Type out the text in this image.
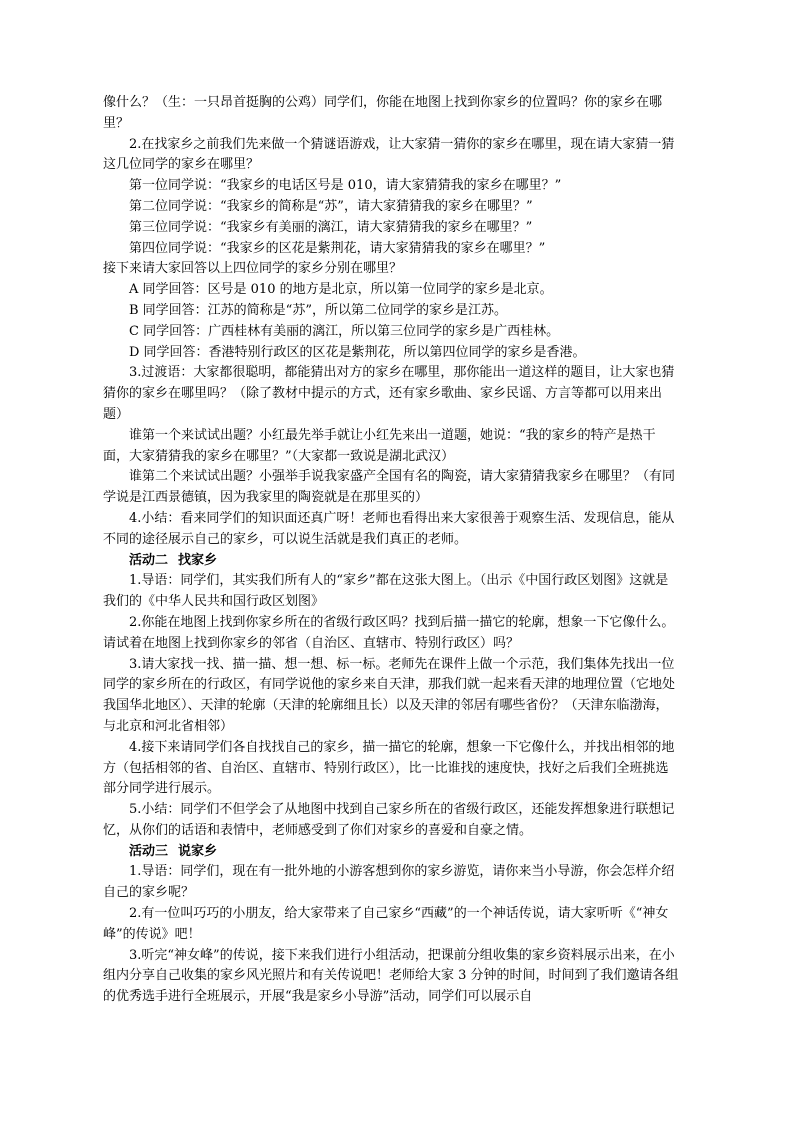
像什么？（生：一只昂首挺胸的公鸡）同学们，你能在地图上找到你家乡的位置吗？你的家乡在哪里？

2.在找家乡之前我们先来做一个猜谜语游戏，让大家猜一猜你的家乡在哪里，现在请大家猜一猜这几位同学的家乡在哪里？

第一位同学说：“我家乡的电话区号是 010，请大家猜猜我的家乡在哪里？”

第二位同学说：“我家乡的简称是“苏”，请大家猜猜我的家乡在哪里？”

第三位同学说：“我家乡有美丽的漓江，请大家猜猜我的家乡在哪里？”

第四位同学说：“我家乡的区花是紫荆花，请大家猜猜我的家乡在哪里？”

接下来请大家回答以上四位同学的家乡分别在哪里？

A 同学回答：区号是 010 的地方是北京，所以第一位同学的家乡是北京。

B 同学回答：江苏的简称是“苏”，所以第二位同学的家乡是江苏。

C 同学回答：广西桂林有美丽的漓江，所以第三位同学的家乡是广西桂林。

D 同学回答：香港特别行政区的区花是紫荆花，所以第四位同学的家乡是香港。

3.过渡语：大家都很聪明，都能猜出对方的家乡在哪里，那你能出一道这样的题目，让大家也猜猜你的家乡在哪里吗？（除了教材中提示的方式，还有家乡歌曲、家乡民谣、方言等都可以用来出题）

谁第一个来试试出题？小红最先举手就让小红先来出一道题，她说：“我的家乡的特产是热干面，大家猜猜我的家乡在哪里？”（大家都一致说是湖北武汉）

谁第二个来试试出题？小强举手说我家盛产全国有名的陶瓷，请大家猜猜我家乡在哪里？（有同学说是江西景德镇，因为我家里的陶瓷就是在那里买的）

4.小结：看来同学们的知识面还真广呀！老师也看得出来大家很善于观察生活、发现信息，能从不同的途径展示自己的家乡，可以说生活就是我们真正的老师。

活动二 找家乡

1.导语：同学们，其实我们所有人的“家乡”都在这张大图上。（出示《中国行政区划图》这就是我们的《中华人民共和国行政区划图》

2.你能在地图上找到你家乡所在的省级行政区吗？找到后描一描它的轮廓，想象一下它像什么。请试着在地图上找到你家乡的邻省（自治区、直辖市、特别行政区）吗？

3.请大家找一找、描一描、想一想、标一标。老师先在课件上做一个示范，我们集体先找出一位同学的家乡所在的行政区，有同学说他的家乡来自天津，那我们就一起来看天津的地理位置（它地处我国华北地区）、天津的轮廓（天津的轮廓细且长）以及天津的邻居有哪些省份？（天津东临渤海，与北京和河北省相邻）

4.接下来请同学们各自找找自己的家乡，描一描它的轮廓，想象一下它像什么，并找出相邻的地方（包括相邻的省、自治区、直辖市、特别行政区），比一比谁找的速度快，找好之后我们全班挑选部分同学进行展示。

5.小结：同学们不但学会了从地图中找到自己家乡所在的省级行政区，还能发挥想象进行联想记忆，从你们的话语和表情中，老师感受到了你们对家乡的喜爱和自豪之情。

活动三 说家乡

1.导语：同学们，现在有一批外地的小游客想到你的家乡游览，请你来当小导游，你会怎样介绍自己的家乡呢？

2.有一位叫巧巧的小朋友，给大家带来了自己家乡“西藏”的一个神话传说，请大家听听《“神女峰”的传说》吧！

3.听完“神女峰”的传说，接下来我们进行小组活动，把课前分组收集的家乡资料展示出来，在小组内分享自己收集的家乡风光照片和有关传说吧！老师给大家 3 分钟的时间，时间到了我们邀请各组的优秀选手进行全班展示，开展“我是家乡小导游”活动，同学们可以展示自
